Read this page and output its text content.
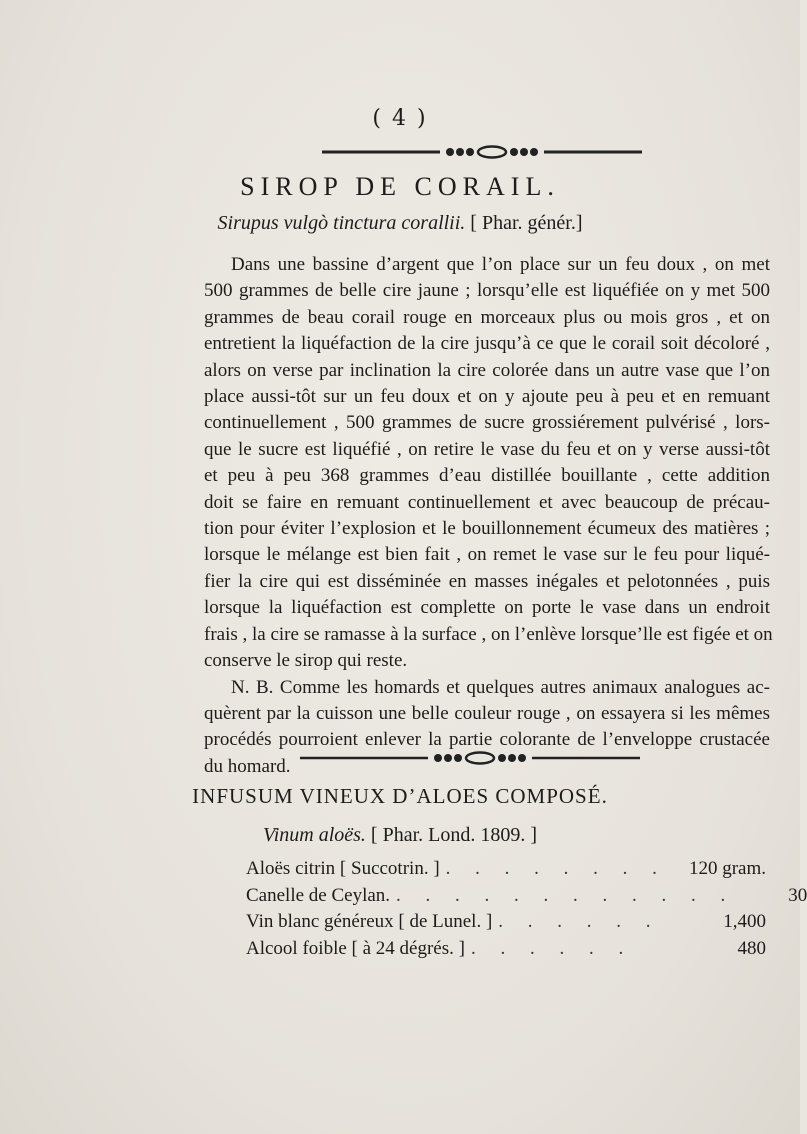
( 4 )
SIROP DE CORAIL.
Sirupus vulgò tinctura corallii. [ Phar. génér.]

Dans une bassine d’argent que l’on place sur un feu doux , on met
500 grammes de belle cire jaune ; lorsqu’elle est liquéfiée on y met 500
grammes de beau corail rouge en morceaux plus ou mois gros , et on
entretient la liquéfaction de la cire jusqu’à ce que le corail soit décoloré ,
alors on verse par inclination la cire colorée dans un autre vase que l’on
place aussi-tôt sur un feu doux et on y ajoute peu à peu et en remuant
continuellement , 500 grammes de sucre grossiérement pulvérisé , lors-
que le sucre est liquéfié , on retire le vase du feu et on y verse aussi-tôt
et peu à peu 368 grammes d’eau distillée bouillante , cette addition
doit se faire en remuant continuellement et avec beaucoup de précau-
tion pour éviter l’explosion et le bouillonnement écumeux des matières ;
lorsque le mélange est bien fait , on remet le vase sur le feu pour liqué-
fier la cire qui est disséminée en masses inégales et pelotonnées , puis
lorsque la liquéfaction est complette on porte le vase dans un endroit
frais , la cire se ramasse à la surface , on l’enlève lorsque’lle est figée et on
conserve le sirop qui reste.

N. B. Comme les homards et quelques autres animaux analogues ac-
quèrent par la cuisson une belle couleur rouge , on essayera si les mêmes
procédés pourroient enlever la partie colorante de l’enveloppe crustacée
du homard.

INFUSUM VINEUX D’ALOES COMPOSÉ.
Vinum aloës. [ Phar. Lond. 1809. ]
Aloës citrin [ Succotrin. ] . . . . . . . .	120 gram.
Canelle de Ceylan. . . . . . . . . . . . .	30
Vin blanc généreux [ de Lunel. ] . . . . . .	1,400
Alcool foible [ à 24 dégrés. ] . . . . . .	480
